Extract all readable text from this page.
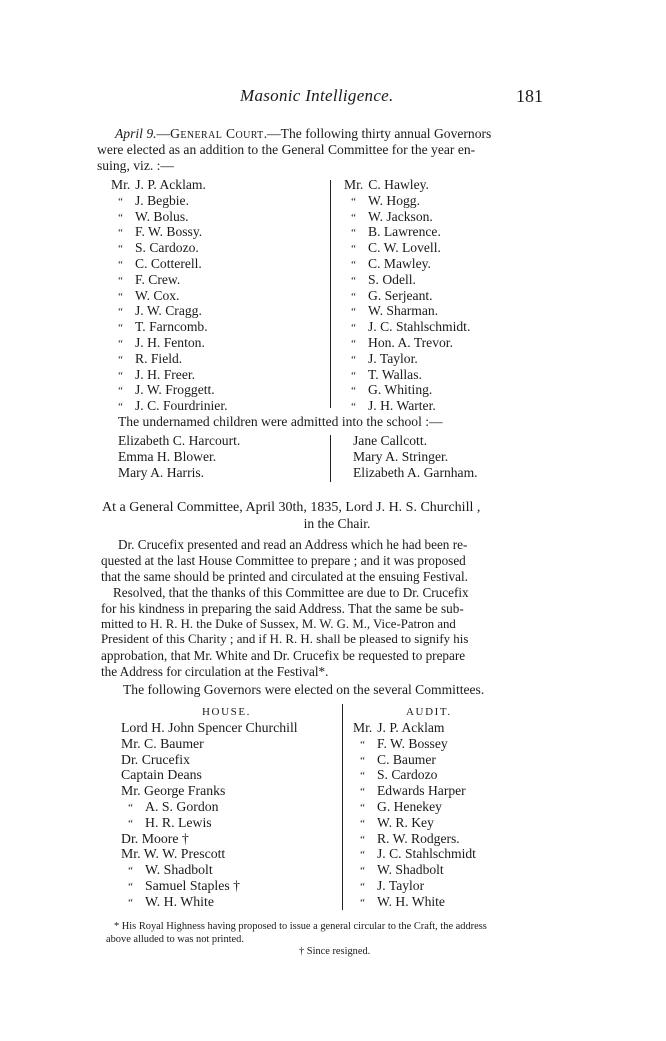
Masonic Intelligence.	181
April 9.—General Court.—The following thirty annual Governors
were elected as an addition to the General Committee for the year en-
suing, viz. :—
Mr. J. P. Acklam.
“ J. Begbie.
“ W. Bolus.
“ F. W. Bossy.
“ S. Cardozo.
“ C. Cotterell.
“ F. Crew.
“ W. Cox.
“ J. W. Cragg.
“ T. Farncomb.
“ J. H. Fenton.
“ R. Field.
“ J. H. Freer.
“ J. W. Froggett.
“ J. C. Fourdrinier.
Mr. C. Hawley.
“ W. Hogg.
“ W. Jackson.
“ B. Lawrence.
“ C. W. Lovell.
“ C. Mawley.
“ S. Odell.
“ G. Serjeant.
“ W. Sharman.
“ J. C. Stahlschmidt.
“ Hon. A. Trevor.
“ J. Taylor.
“ T. Wallas.
“ G. Whiting.
“ J. H. Warter.
The undernamed children were admitted into the school :—
Elizabeth C. Harcourt.
Emma H. Blower.
Mary A. Harris.
Jane Callcott.
Mary A. Stringer.
Elizabeth A. Garnham.
At a General Committee, April 30th, 1835, Lord J. H. S. Churchill ,
in the Chair.
Dr. Crucefix presented and read an Address which he had been re-
quested at the last House Committee to prepare ; and it was proposed
that the same should be printed and circulated at the ensuing Festival.
Resolved, that the thanks of this Committee are due to Dr. Crucefix
for his kindness in preparing the said Address. That the same be sub-
mitted to H. R. H. the Duke of Sussex, M. W. G. M., Vice-Patron and
President of this Charity ; and if H. R. H. shall be pleased to signify his
approbation, that Mr. White and Dr. Crucefix be requested to prepare
the Address for circulation at the Festival*.
The following Governors were elected on the several Committees.
HOUSE.	AUDIT.
Lord H. John Spencer Churchill
Mr. C. Baumer
Dr. Crucefix
Captain Deans
Mr. George Franks
“ A. S. Gordon
“ H. R. Lewis
Dr. Moore †
Mr. W. W. Prescott
“ W. Shadbolt
“ Samuel Staples †
“ W. H. White
Mr. J. P. Acklam
“ F. W. Bossey
“ C. Baumer
“ S. Cardozo
“ Edwards Harper
“ G. Henekey
“ W. R. Key
“ R. W. Rodgers.
“ J. C. Stahlschmidt
“ W. Shadbolt
“ J. Taylor
“ W. H. White
* His Royal Highness having proposed to issue a general circular to the Craft, the address
above alluded to was not printed.
† Since resigned.
